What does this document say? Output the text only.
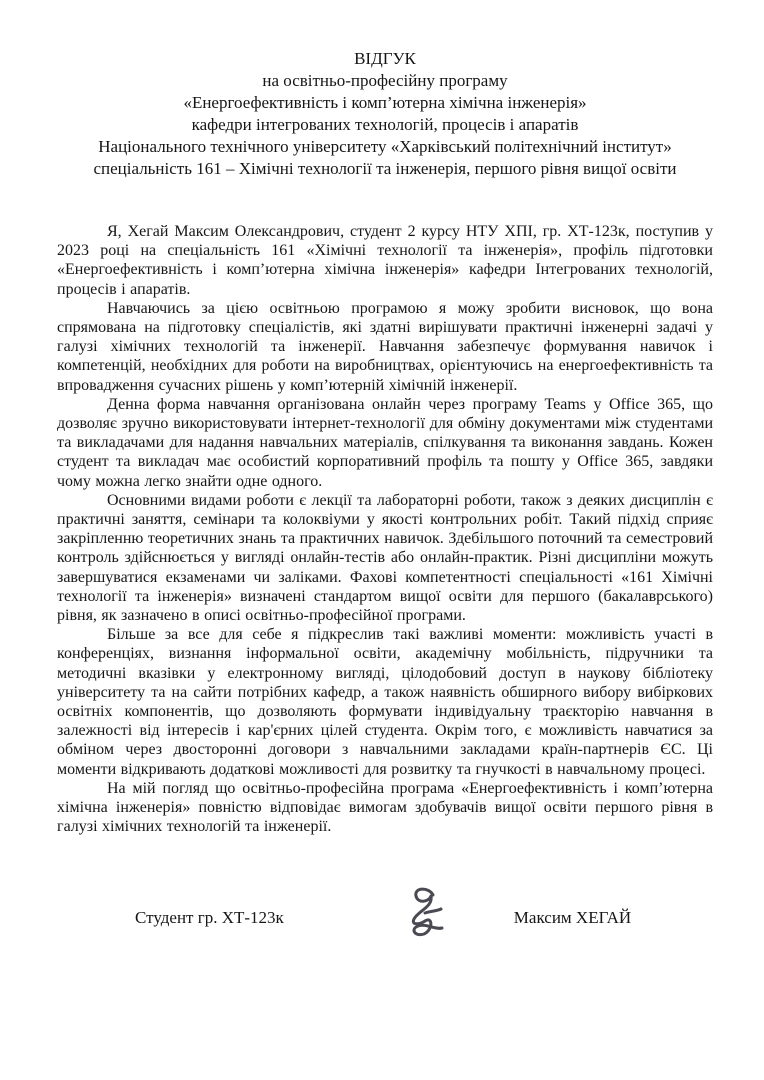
ВІДГУК
на освітньо-професійну програму
«Енергоефективність і комп’ютерна хімічна інженерія»
кафедри інтегрованих технологій, процесів і апаратів
Національного технічного університету «Харківський політехнічний інститут»
спеціальність 161 – Хімічні технології та інженерія, першого рівня вищої освіти

Я, Хегай Максим Олександрович, студент 2 курсу НТУ ХПІ, гр. ХТ-123к, поступив у 2023 році на спеціальність 161 «Хімічні технології та інженерія», профіль підготовки «Енергоефективність і комп’ютерна хімічна інженерія» кафедри Інтегрованих технологій, процесів і апаратів.

Навчаючись за цією освітньою програмою я можу зробити висновок, що вона спрямована на підготовку спеціалістів, які здатні вирішувати практичні інженерні задачі у галузі хімічних технологій та інженерії. Навчання забезпечує формування навичок і компетенцій, необхідних для роботи на виробництвах, орієнтуючись на енергоефективність та впровадження сучасних рішень у комп’ютерній хімічній інженерії.

Денна форма навчання організована онлайн через програму Teams у Office 365, що дозволяє зручно використовувати інтернет-технології для обміну документами між студентами та викладачами для надання навчальних матеріалів, спілкування та виконання завдань. Кожен студент та викладач має особистий корпоративний профіль та пошту у Office 365, завдяки чому можна легко знайти одне одного.

Основними видами роботи є лекції та лабораторні роботи, також з деяких дисциплін є практичні заняття, семінари та колоквіуми у якості контрольних робіт. Такий підхід сприяє закріпленню теоретичних знань та практичних навичок. Здебільшого поточний та семестровий контроль здійснюється у вигляді онлайн-тестів або онлайн-практик. Різні дисципліни можуть завершуватися екзаменами чи заліками. Фахові компетентності спеціальності «161 Хімічні технології та інженерія» визначені стандартом вищої освіти для першого (бакалаврського) рівня, як зазначено в описі освітньо-професійної програми.

Більше за все для себе я підкреслив такі важливі моменти: можливість участі в конференціях, визнання інформальної освіти, академічну мобільність, підручники та методичні вказівки у електронному вигляді, цілодобовий доступ в наукову бібліотеку університету та на сайти потрібних кафедр, а також наявність обширного вибору вибіркових освітніх компонентів, що дозволяють формувати індивідуальну траєкторію навчання в залежності від інтересів і кар'єрних цілей студента. Окрім того, є можливість навчатися за обміном через двосторонні договори з навчальними закладами країн-партнерів ЄС. Ці моменти відкривають додаткові можливості для розвитку та гнучкості в навчальному процесі.

На мій погляд що освітньо-професійна програма «Енергоефективність і комп’ютерна хімічна інженерія» повністю відповідає вимогам здобувачів вищої освіти першого рівня в галузі хімічних технологій та інженерії.

Студент гр. ХТ-123к	Максим ХЕГАЙ
